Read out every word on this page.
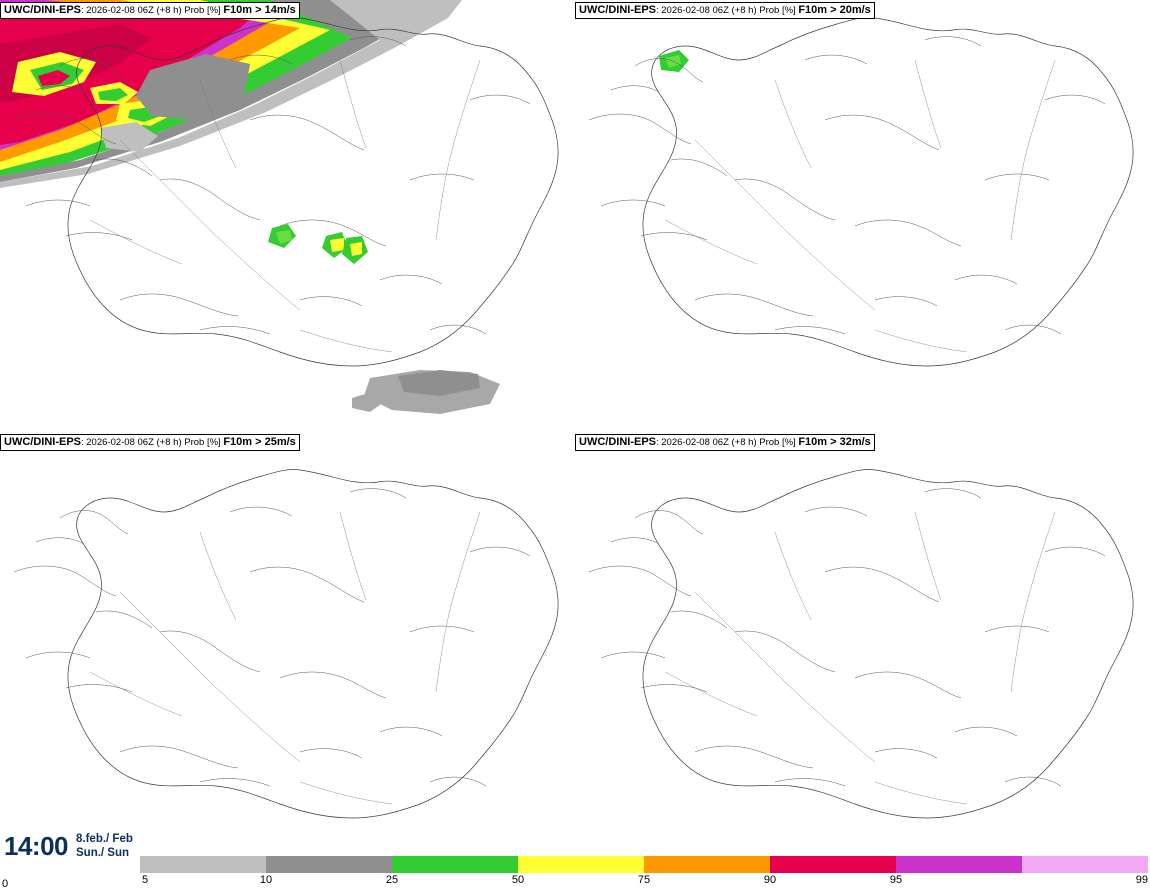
UWC/DINI-EPS: 2026-02-08 06Z (+8 h) Prob [%] F10m > 14m/s	UWC/DINI-EPS: 2026-02-08 06Z (+8 h) Prob [%] F10m > 20m/s
UWC/DINI-EPS: 2026-02-08 06Z (+8 h) Prob [%] F10m > 25m/s	UWC/DINI-EPS: 2026-02-08 06Z (+8 h) Prob [%] F10m > 32m/s
14:00 8.feb./ Feb
Sun./ Sun
0	5	10	25	50	75	90	95	99
